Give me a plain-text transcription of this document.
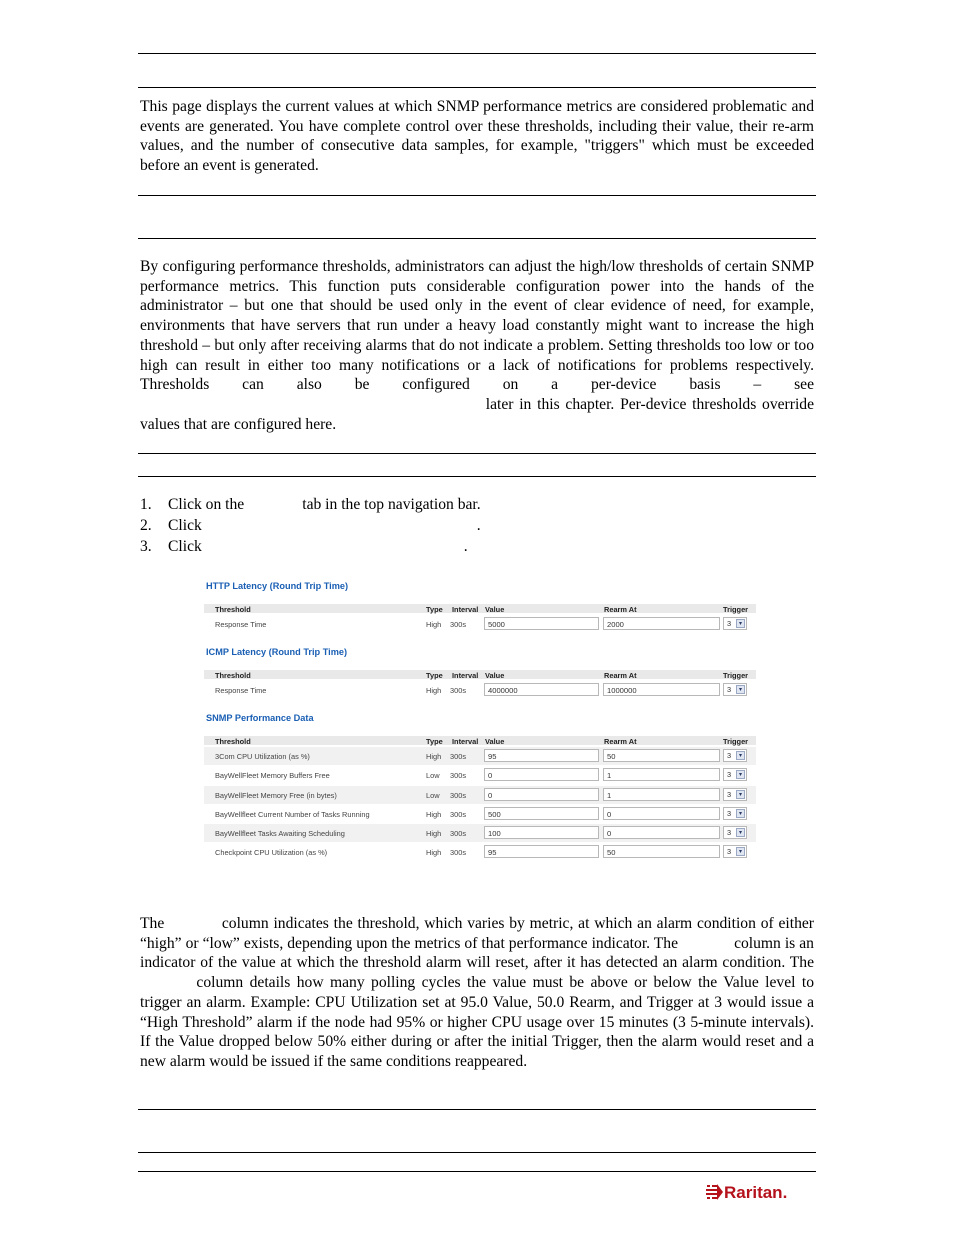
This page displays the current values at which SNMP performance metrics are considered problematic and events are generated. You have complete control over these thresholds, including their value, their re-arm values, and the number of consecutive data samples, for example, "triggers" which must be exceeded before an event is generated.
By configuring performance thresholds, administrators can adjust the high/low thresholds of certain SNMP performance metrics. This function puts considerable configuration power into the hands of the administrator – but one that should be used only in the event of clear evidence of need, for example, environments that have servers that run under a heavy load constantly might want to increase the high threshold – but only after receiving alarms that do not indicate a problem. Setting thresholds too low or too high can result in either too many notifications or a lack of notifications for problems respectively. Thresholds can also be configured on a per-device basis – see  later in this chapter. Per-device thresholds override values that are configured here.
1.	Click on the	tab in the top navigation bar.
2.	Click	.
3.	Click	.
HTTP Latency (Round Trip Time)
Threshold	Type Interval Value	Rearm At	Trigger
Response Time	High 300s	5000	2000	3	▾
ICMP Latency (Round Trip Time)
Threshold	Type Interval Value	Rearm At	Trigger
Response Time	High 300s	4000000	1000000	3	▾
SNMP Performance Data
Threshold	Type Interval Value	Rearm At	Trigger
3Com CPU Utilization (as %)	High 300s	95	50	3	▾
BayWellFleet Memory Buffers Free	Low 300s	0	1	3	▾
BayWellFleet Memory Free (in bytes)	Low 300s	0	1	3	▾
BayWellfleet Current Number of Tasks Running	High 300s	500	0	3	▾
BayWellfleet Tasks Awaiting Scheduling	High 300s	100	0	3	▾
Checkpoint CPU Utilization (as %)	High 300s	95	50	3	▾
The	column indicates the threshold, which varies by metric, at which an alarm condition of either “high” or “low” exists, depending upon the metrics of that performance indicator. The	column is an indicator of the value at which the threshold alarm will reset, after it has detected an alarm condition. The  column details how many polling cycles the value must be above or below the Value level to trigger an alarm. Example: CPU Utilization set at 95.0 Value, 50.0 Rearm, and Trigger at 3 would issue a “High Threshold” alarm if the node had 95% or higher CPU usage over 15 minutes (3 5-minute intervals). If the Value dropped below 50% either during or after the initial Trigger, then the alarm would reset and a new alarm would be issued if the same conditions reappeared.
Raritan.
